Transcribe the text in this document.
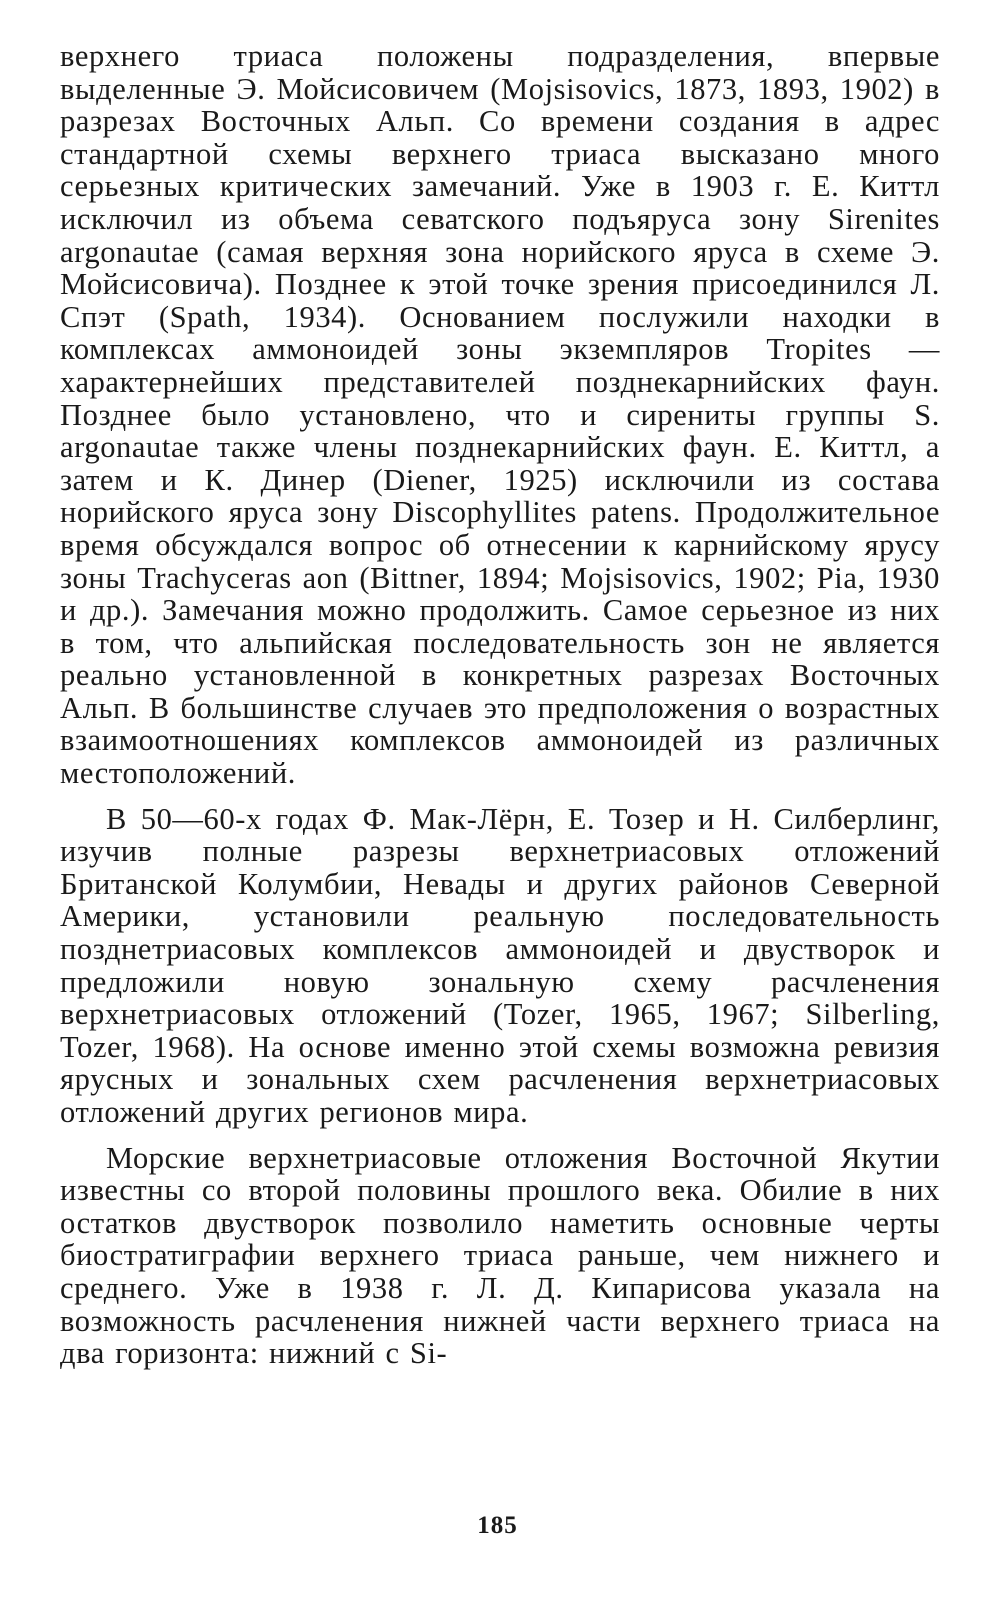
верхнего триаса положены подразделения, впервые выделенные Э. Мойсисовичем (Mojsisovics, 1873, 1893, 1902) в разрезах Восточных Альп. Со времени создания в адрес стандартной схемы верхнего триаса высказано много серьезных критических замечаний. Уже в 1903 г. Е. Киттл исключил из объема севатского подъяруса зону Sirenites argonautae (самая верхняя зона норийского яруса в схеме Э. Мойсисовича). Позднее к этой точке зрения присоединился Л. Спэт (Spath, 1934). Основанием послужили находки в комплексах аммоноидей зоны экземпляров Tropites — характернейших представителей позднекарнийских фаун. Позднее было установлено, что и сирениты группы S. argonautae также члены позднекарнийских фаун. Е. Киттл, а затем и К. Динер (Diener, 1925) исключили из состава норийского яруса зону Discophyllites patens. Продолжительное время обсуждался вопрос об отнесении к карнийскому ярусу зоны Trachyceras aon (Bittner, 1894; Mojsisovics, 1902; Pia, 1930 и др.). Замечания можно продолжить. Самое серьезное из них в том, что альпийская последовательность зон не является реально установленной в конкретных разрезах Восточных Альп. В большинстве случаев это предположения о возрастных взаимоотношениях комплексов аммоноидей из различных местоположений.

В 50—60-х годах Ф. Мак-Лёрн, Е. Тозер и Н. Силберлинг, изучив полные разрезы верхнетриасовых отложений Британской Колумбии, Невады и других районов Северной Америки, установили реальную последовательность позднетриасовых комплексов аммоноидей и двустворок и предложили новую зональную схему расчленения верхнетриасовых отложений (Tozer, 1965, 1967; Silberling, Tozer, 1968). На основе именно этой схемы возможна ревизия ярусных и зональных схем расчленения верхнетриасовых отложений других регионов мира.

Морские верхнетриасовые отложения Восточной Якутии известны со второй половины прошлого века. Обилие в них остатков двустворок позволило наметить основные черты биостратиграфии верхнего триаса раньше, чем нижнего и среднего. Уже в 1938 г. Л. Д. Кипарисова указала на возможность расчленения нижней части верхнего триаса на два горизонта: нижний с Si-

185
